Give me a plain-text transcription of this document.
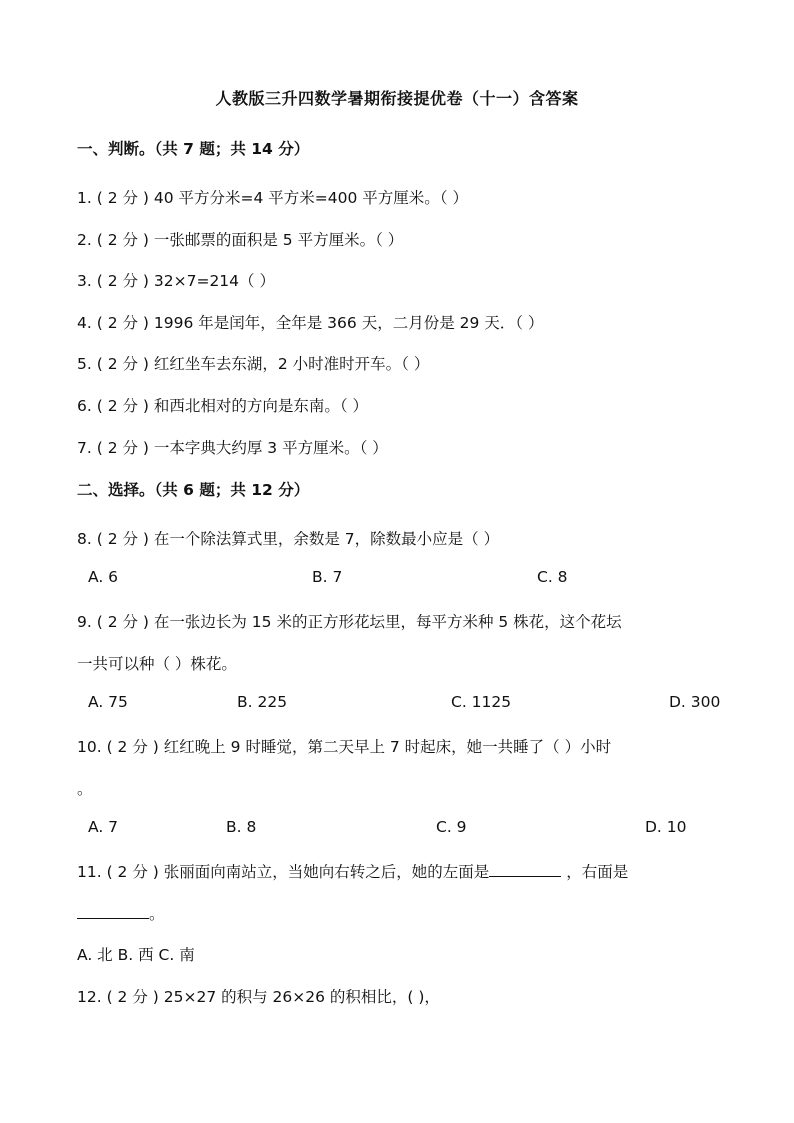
人教版三升四数学暑期衔接提优卷（十一）含答案
一、判断。（共 7 题；共 14 分）
1. ( 2 分 ) 40 平方分米=4 平方米=400 平方厘米。（ ）
2. ( 2 分 ) 一张邮票的面积是 5 平方厘米。（ ）
3. ( 2 分 ) 32×7=214（ ）
4. ( 2 分 ) 1996 年是闰年，全年是 366 天，二月份是 29 天．（ ）
5. ( 2 分 ) 红红坐车去东湖，2 小时准时开车。（ ）
6. ( 2 分 ) 和西北相对的方向是东南。（ ）
7. ( 2 分 ) 一本字典大约厚 3 平方厘米。（ ）
二、选择。（共 6 题；共 12 分）
8. ( 2 分 ) 在一个除法算式里，余数是 7，除数最小应是（ ）
A. 6	B. 7	C. 8
9. ( 2 分 ) 在一张边长为 15 米的正方形花坛里，每平方米种 5 株花，这个花坛
一共可以种（ ）株花。
A. 75	B. 225	C. 1125	D. 300
10. ( 2 分 ) 红红晚上 9 时睡觉，第二天早上 7 时起床，她一共睡了（ ）小时
。
A. 7	B. 8	C. 9	D. 10
11. ( 2 分 ) 张丽面向南站立，当她向右转之后，她的左面是	，右面是
。
A. 北 B. 西 C. 南
12. ( 2 分 ) 25×27 的积与 26×26 的积相比，( )，
